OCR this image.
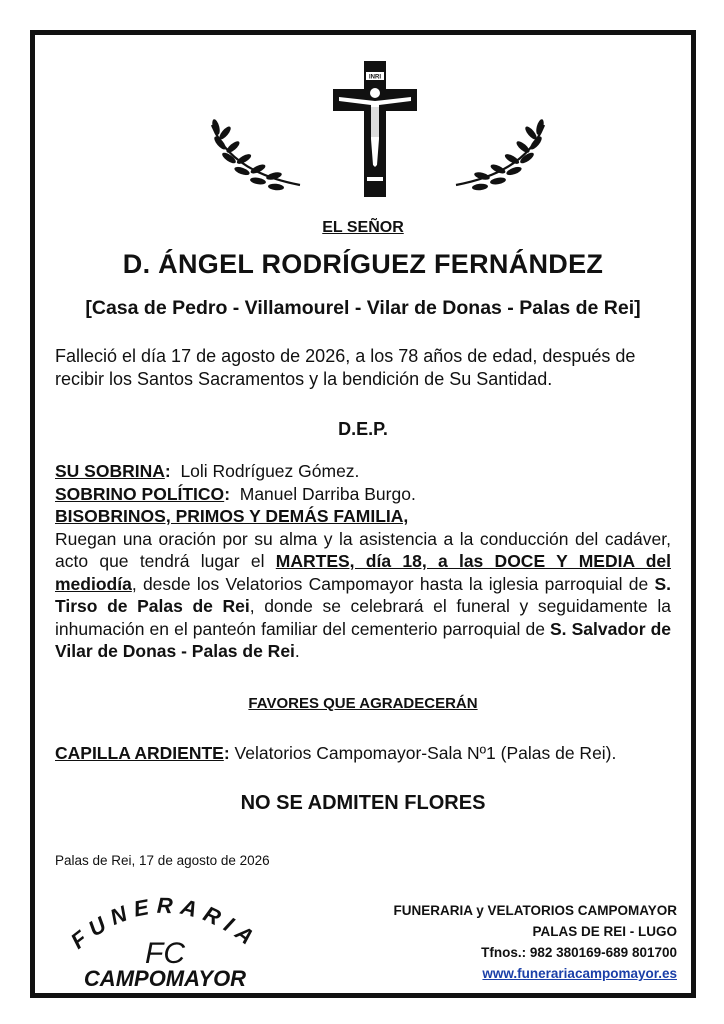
INRI
EL SEÑOR
D. ÁNGEL RODRÍGUEZ FERNÁNDEZ
[Casa de Pedro - Villamourel - Vilar de Donas - Palas de Rei]
Falleció el día 17 de agosto de 2026, a los 78 años de edad, después de recibir los Santos Sacramentos y la bendición de Su Santidad.
D.E.P.
SU SOBRINA: Loli Rodríguez Gómez.
SOBRINO POLÍTICO: Manuel Darriba Burgo.
BISOBRINOS, PRIMOS Y DEMÁS FAMILIA,
Ruegan una oración por su alma y la asistencia a la conducción del cadáver, acto que tendrá lugar el MARTES, día 18, a las DOCE Y MEDIA del mediodía, desde los Velatorios Campomayor hasta la iglesia parroquial de S. Tirso de Palas de Rei, donde se celebrará el funeral y seguidamente la inhumación en el panteón familiar del cementerio parroquial de S. Salvador de Vilar de Donas - Palas de Rei.
FAVORES QUE AGRADECERÁN
CAPILLA ARDIENTE: Velatorios Campomayor-Sala Nº1 (Palas de Rei).
NO SE ADMITEN FLORES
Palas de Rei, 17 de agosto de 2026
FUNERARIA
FC
CAMPOMAYOR
FUNERARIA y VELATORIOS CAMPOMAYOR
PALAS DE REI - LUGO
Tfnos.: 982 380169-689 801700
www.funerariacampomayor.es
